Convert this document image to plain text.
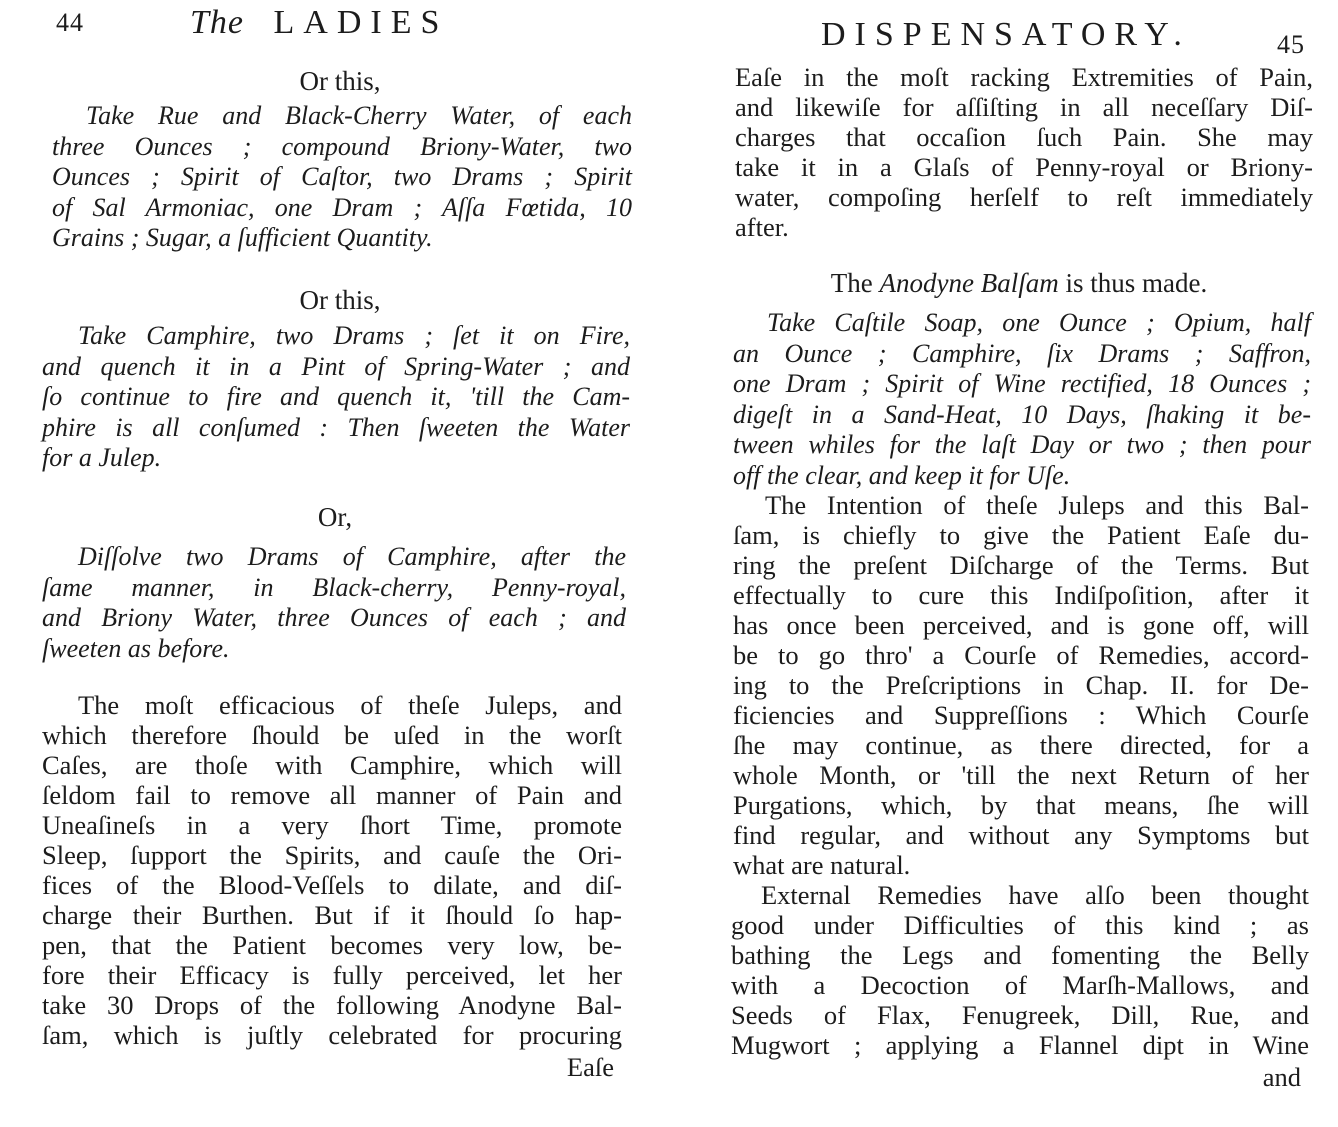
44	The LADIES
Or this,
Take Rue and Black-Cherry Water, of each
three Ounces ; compound Briony-Water, two
Ounces ; Spirit of Caſtor, two Drams ; Spirit
of Sal Armoniac, one Dram ; Aſſa Fœtida, 10
Grains ; Sugar, a ſufficient Quantity.
Or this,
Take Camphire, two Drams ; ſet it on Fire,
and quench it in a Pint of Spring-Water ; and
ſo continue to fire and quench it, 'till the Cam-
phire is all conſumed : Then ſweeten the Water
for a Julep.
Or,
Diſſolve two Drams of Camphire, after the
ſame manner, in Black-cherry, Penny-royal,
and Briony Water, three Ounces of each ; and
ſweeten as before.
The moſt efficacious of theſe Juleps, and
which therefore ſhould be uſed in the worſt
Caſes, are thoſe with Camphire, which will
ſeldom fail to remove all manner of Pain and
Uneaſineſs in a very ſhort Time, promote
Sleep, ſupport the Spirits, and cauſe the Ori-
fices of the Blood-Veſſels to dilate, and diſ-
charge their Burthen. But if it ſhould ſo hap-
pen, that the Patient becomes very low, be-
fore their Efficacy is fully perceived, let her
take 30 Drops of the following Anodyne Bal-
ſam, which is juſtly celebrated for procuring
Eaſe
DISPENSATORY.	45
Eaſe in the moſt racking Extremities of Pain,
and likewiſe for aſſiſting in all neceſſary Diſ-
charges that occaſion ſuch Pain. She may
take it in a Glaſs of Penny-royal or Briony-
water, compoſing herſelf to reſt immediately
after.
The Anodyne Balſam is thus made.
Take Caſtile Soap, one Ounce ; Opium, half
an Ounce ; Camphire, ſix Drams ; Saffron,
one Dram ; Spirit of Wine rectified, 18 Ounces ;
digeſt in a Sand-Heat, 10 Days, ſhaking it be-
tween whiles for the laſt Day or two ; then pour
off the clear, and keep it for Uſe.
The Intention of theſe Juleps and this Bal-
ſam, is chiefly to give the Patient Eaſe du-
ring the preſent Diſcharge of the Terms. But
effectually to cure this Indiſpoſition, after it
has once been perceived, and is gone off, will
be to go thro' a Courſe of Remedies, accord-
ing to the Preſcriptions in Chap. II. for De-
ficiencies and Suppreſſions : Which Courſe
ſhe may continue, as there directed, for a
whole Month, or 'till the next Return of her
Purgations, which, by that means, ſhe will
find regular, and without any Symptoms but
what are natural.
External Remedies have alſo been thought
good under Difficulties of this kind ; as
bathing the Legs and fomenting the Belly
with a Decoction of Marſh-Mallows, and
Seeds of Flax, Fenugreek, Dill, Rue, and
Mugwort ; applying a Flannel dipt in Wine
and
